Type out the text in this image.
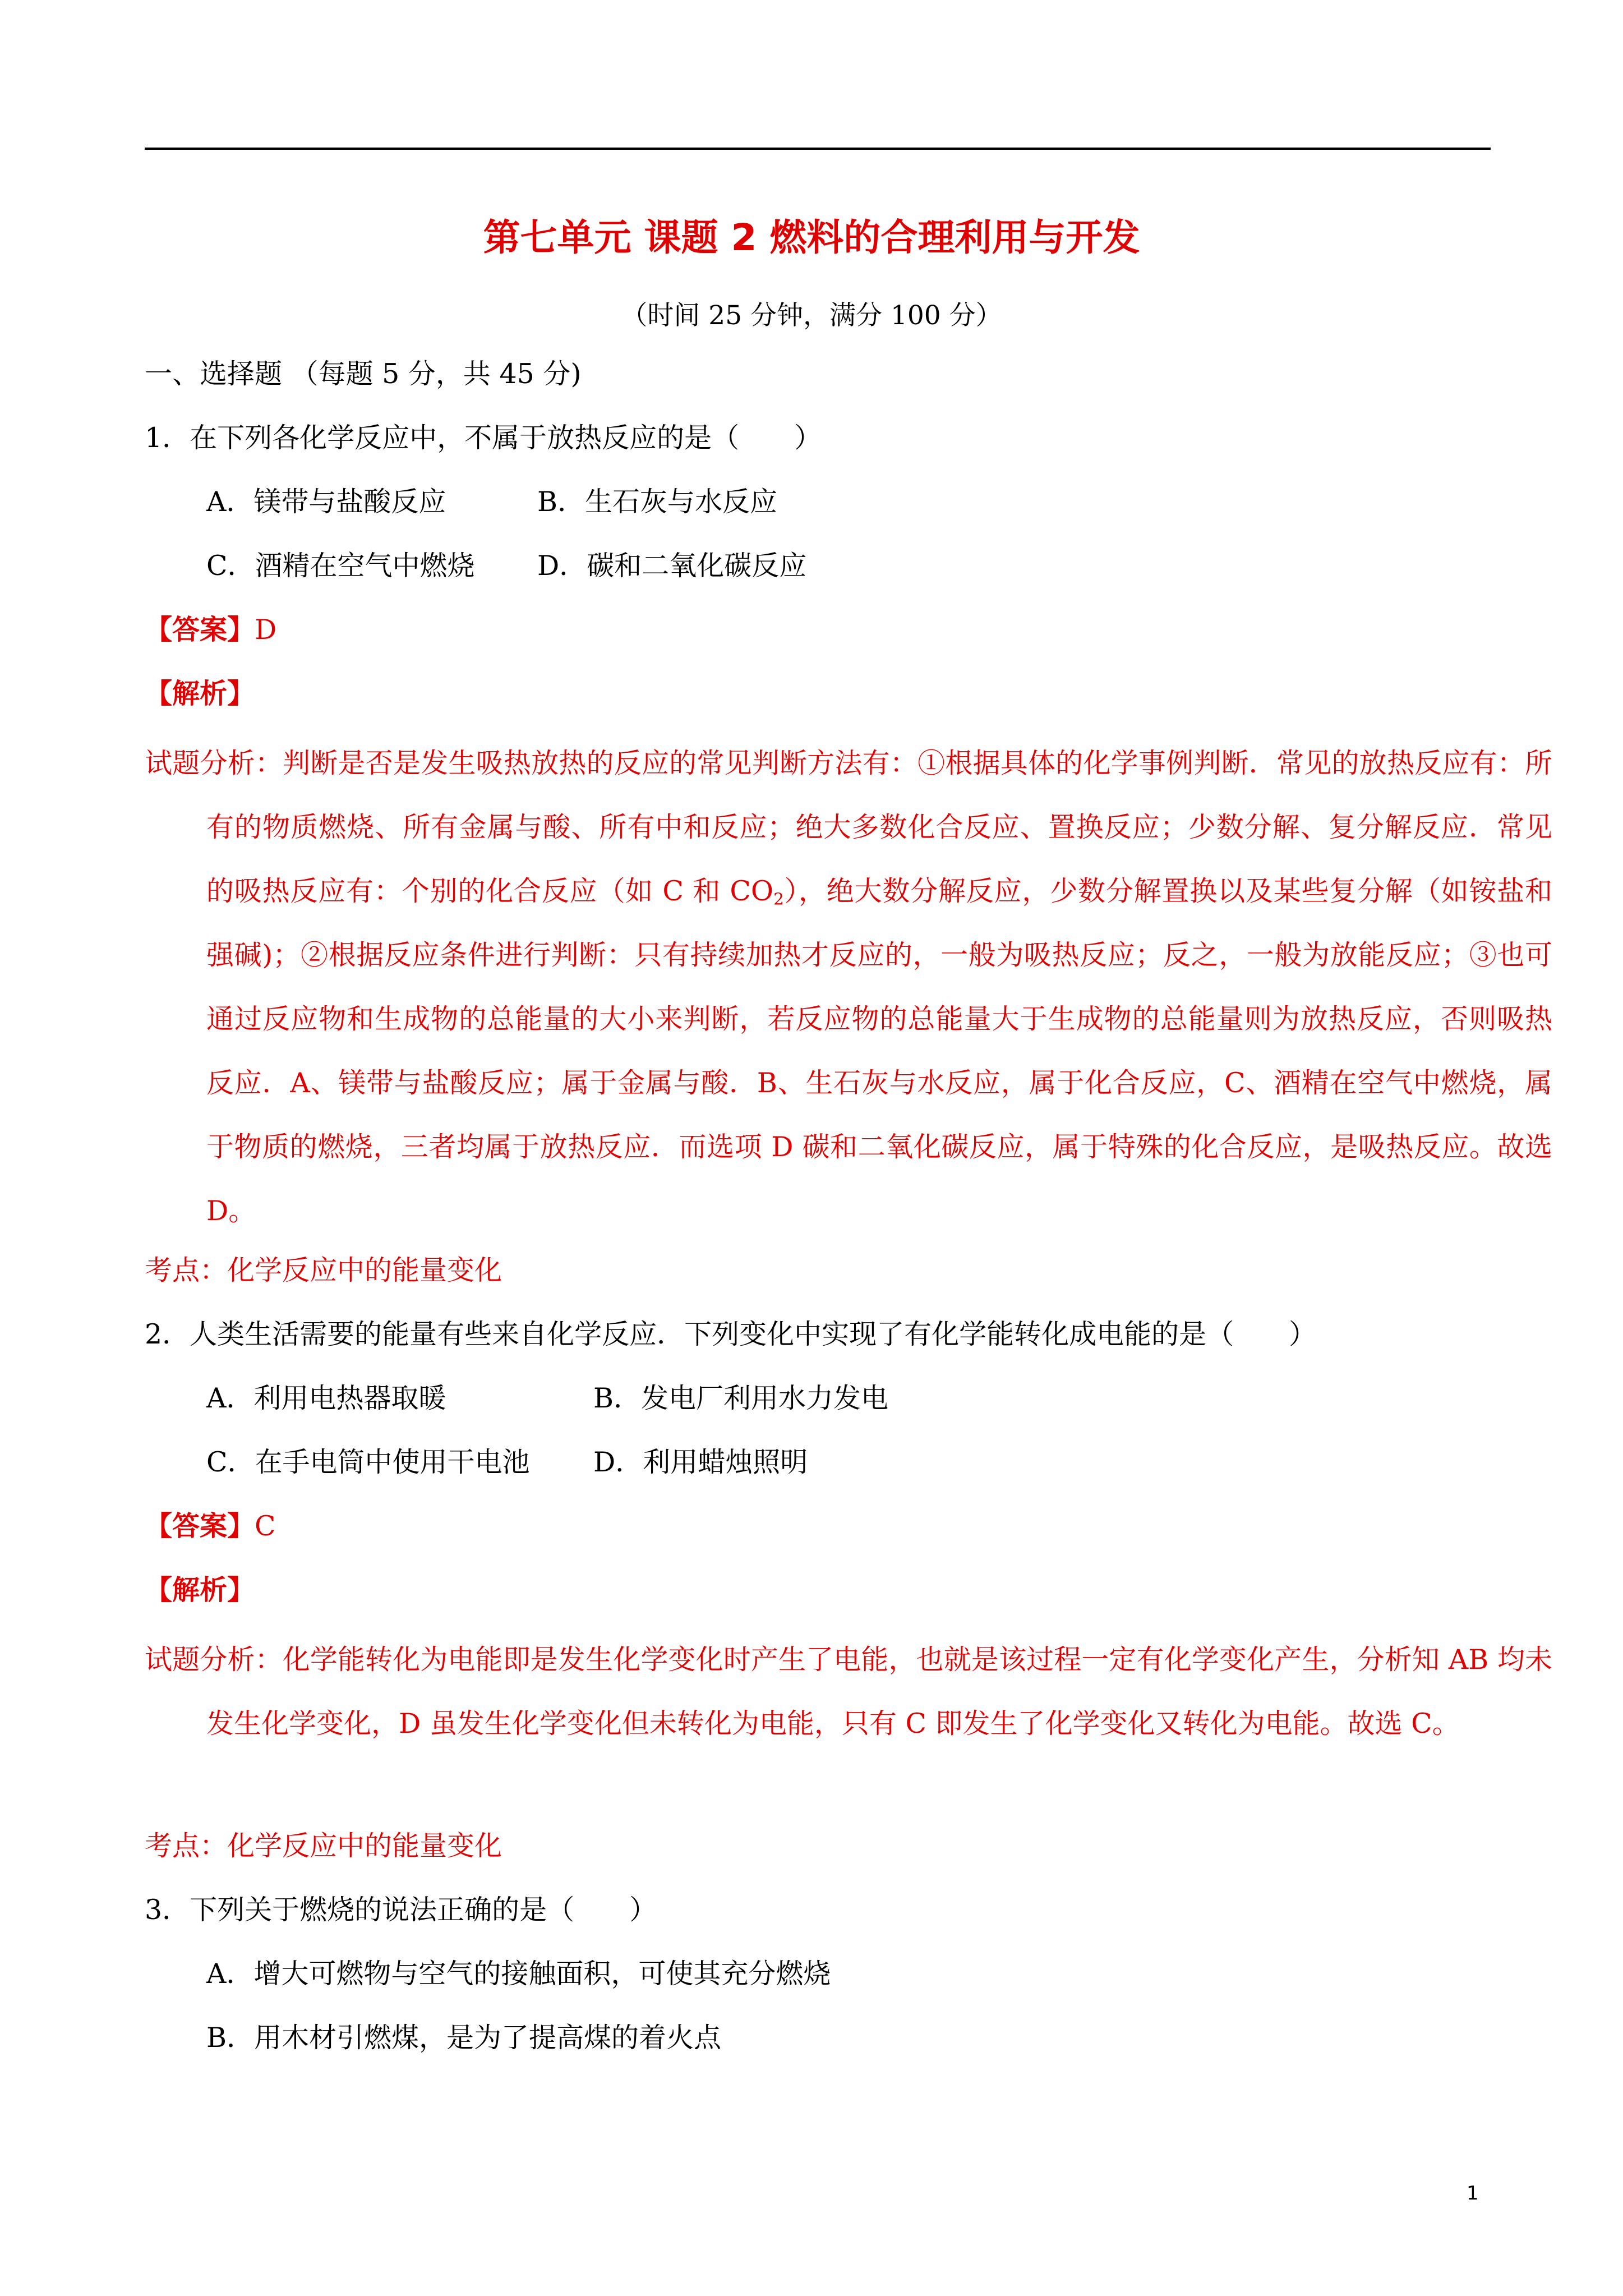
第七单元 课题 2 燃料的合理利用与开发
（时间 25 分钟，满分 100 分）
一、选择题 （每题 5 分，共 45 分)
1．在下列各化学反应中，不属于放热反应的是（　　）
A．镁带与盐酸反应	B．生石灰与水反应
C．酒精在空气中燃烧 D．碳和二氧化碳反应
【答案】D
【解析】
试题分析：判断是否是发生吸热放热的反应的常见判断方法有：①根据具体的化学事例判断．常见的放热反应有：所有的物质燃烧、所有金属与酸、所有中和反应；绝大多数化合反应、置换反应；少数分解、复分解反应．常见的吸热反应有：个别的化合反应（如 C 和 $CO_2$），绝大数分解反应，少数分解置换以及某些复分解（如铵盐和强碱)；②根据反应条件进行判断：只有持续加热才反应的，一般为吸热反应；反之，一般为放能反应；③也可通过反应物和生成物的总能量的大小来判断，若反应物的总能量大于生成物的总能量则为放热反应，否则吸热反应．A、镁带与盐酸反应；属于金属与酸．B、生石灰与水反应，属于化合反应，C、酒精在空气中燃烧，属于物质的燃烧，三者均属于放热反应．而选项 D 碳和二氧化碳反应，属于特殊的化合反应，是吸热反应。故选 D。
考点：化学反应中的能量变化
2．人类生活需要的能量有些来自化学反应．下列变化中实现了有化学能转化成电能的是（　　）
A．利用电热器取暖	B．发电厂利用水力发电
C．在手电筒中使用干电池 D．利用蜡烛照明
【答案】C
【解析】
试题分析：化学能转化为电能即是发生化学变化时产生了电能，也就是该过程一定有化学变化产生，分析知 AB 均未发生化学变化，D 虽发生化学变化但未转化为电能，只有 C 即发生了化学变化又转化为电能。故选 C。
考点：化学反应中的能量变化
3．下列关于燃烧的说法正确的是（　　）
A．增大可燃物与空气的接触面积，可使其充分燃烧
B．用木材引燃煤，是为了提高煤的着火点
1
